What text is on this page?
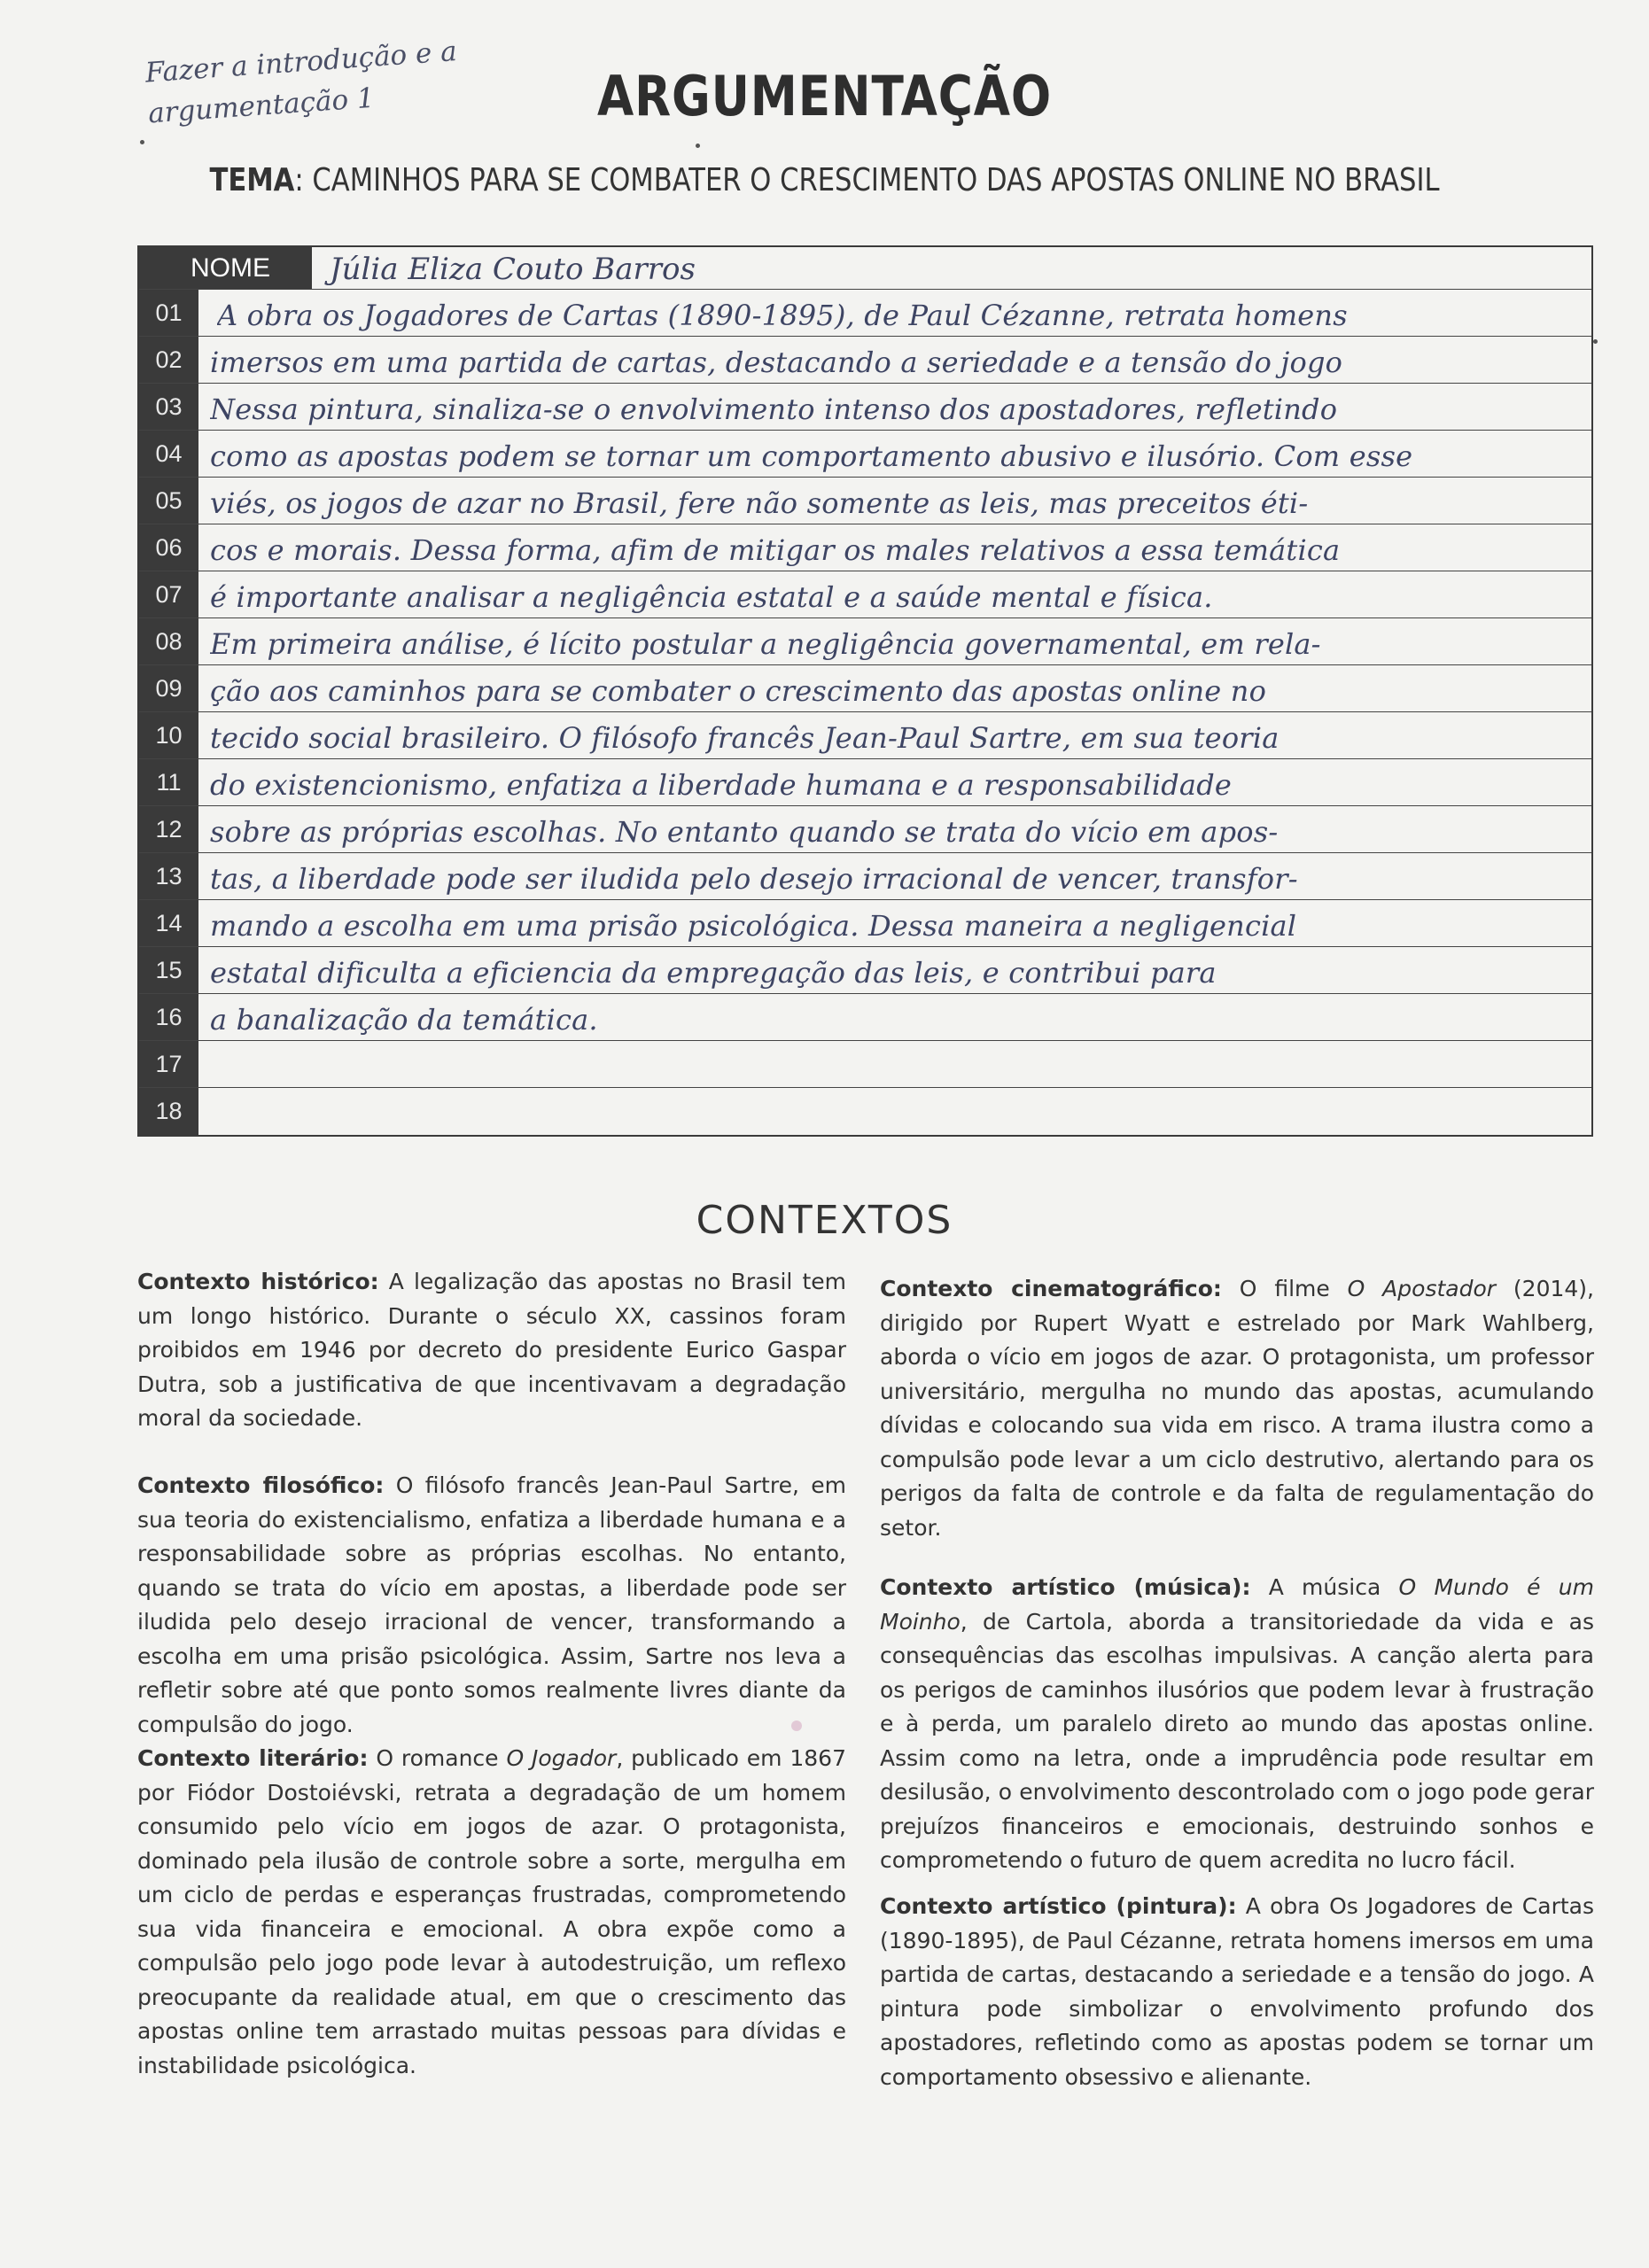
Fazer a introdução e a argumentação 1	ARGUMENTAÇÃO
TEMA: CAMINHOS PARA SE COMBATER O CRESCIMENTO DAS APOSTAS ONLINE NO BRASIL
NOME	Júlia Eliza Couto Barros
01	A obra os Jogadores de Cartas (1890-1895), de Paul Cézanne, retrata homens
02 imersos em uma partida de cartas, destacando a seriedade e a tensão do jogo
03 Nessa pintura, sinaliza-se o envolvimento intenso dos apostadores, refletindo
04 como as apostas podem se tornar um comportamento abusivo e ilusório. Com esse
05 viés, os jogos de azar no Brasil, fere não somente as leis, mas preceitos éti-
06 cos e morais. Dessa forma, afim de mitigar os males relativos a essa temática
07 é importante analisar a negligência estatal e a saúde mental e física.
08 Em primeira análise, é lícito postular a negligência governamental, em rela-
09 ção aos caminhos para se combater o crescimento das apostas online no
10 tecido social brasileiro. O filósofo francês Jean-Paul Sartre, em sua teoria
11	do existencionismo, enfatiza a liberdade humana e a responsabilidade
12 sobre as próprias escolhas. No entanto quando se trata do vício em apos-
13 tas, a liberdade pode ser iludida pelo desejo irracional de vencer, transfor-
14 mando a escolha em uma prisão psicológica. Dessa maneira a negligencial
15 estatal dificulta a eficiencia da empregação das leis, e contribui para
16 a banalização da temática.
17
18
CONTEXTOS
Contexto histórico: A legalização das apostas no Brasil tem um longo histórico. Durante o século XX, cassinos foram proibidos em 1946 por decreto do presidente Eurico Gaspar Dutra, sob a justificativa de que incentivavam a degradação moral da sociedade.
Contexto filosófico: O filósofo francês Jean-Paul Sartre, em sua teoria do existencialismo, enfatiza a liberdade humana e a responsabilidade sobre as próprias escolhas. No entanto, quando se trata do vício em apostas, a liberdade pode ser iludida pelo desejo irracional de vencer, transformando a escolha em uma prisão psicológica. Assim, Sartre nos leva a refletir sobre até que ponto somos realmente livres diante da compulsão do jogo.
Contexto literário: O romance O Jogador, publicado em 1867 por Fiódor Dostoiévski, retrata a degradação de um homem consumido pelo vício em jogos de azar. O protagonista, dominado pela ilusão de controle sobre a sorte, mergulha em um ciclo de perdas e esperanças frustradas, comprometendo sua vida financeira e emocional. A obra expõe como a compulsão pelo jogo pode levar à autodestruição, um reflexo preocupante da realidade atual, em que o crescimento das apostas online tem arrastado muitas pessoas para dívidas e instabilidade psicológica.
Contexto cinematográfico: O filme O Apostador (2014), dirigido por Rupert Wyatt e estrelado por Mark Wahlberg, aborda o vício em jogos de azar. O protagonista, um professor universitário, mergulha no mundo das apostas, acumulando dívidas e colocando sua vida em risco. A trama ilustra como a compulsão pode levar a um ciclo destrutivo, alertando para os perigos da falta de controle e da falta de regulamentação do setor.
Contexto artístico (música): A música O Mundo é um Moinho, de Cartola, aborda a transitoriedade da vida e as consequências das escolhas impulsivas. A canção alerta para os perigos de caminhos ilusórios que podem levar à frustração e à perda, um paralelo direto ao mundo das apostas online. Assim como na letra, onde a imprudência pode resultar em desilusão, o envolvimento descontrolado com o jogo pode gerar prejuízos financeiros e emocionais, destruindo sonhos e comprometendo o futuro de quem acredita no lucro fácil.
Contexto artístico (pintura): A obra Os Jogadores de Cartas (1890-1895), de Paul Cézanne, retrata homens imersos em uma partida de cartas, destacando a seriedade e a tensão do jogo. A pintura pode simbolizar o envolvimento profundo dos apostadores, refletindo como as apostas podem se tornar um comportamento obsessivo e alienante.
